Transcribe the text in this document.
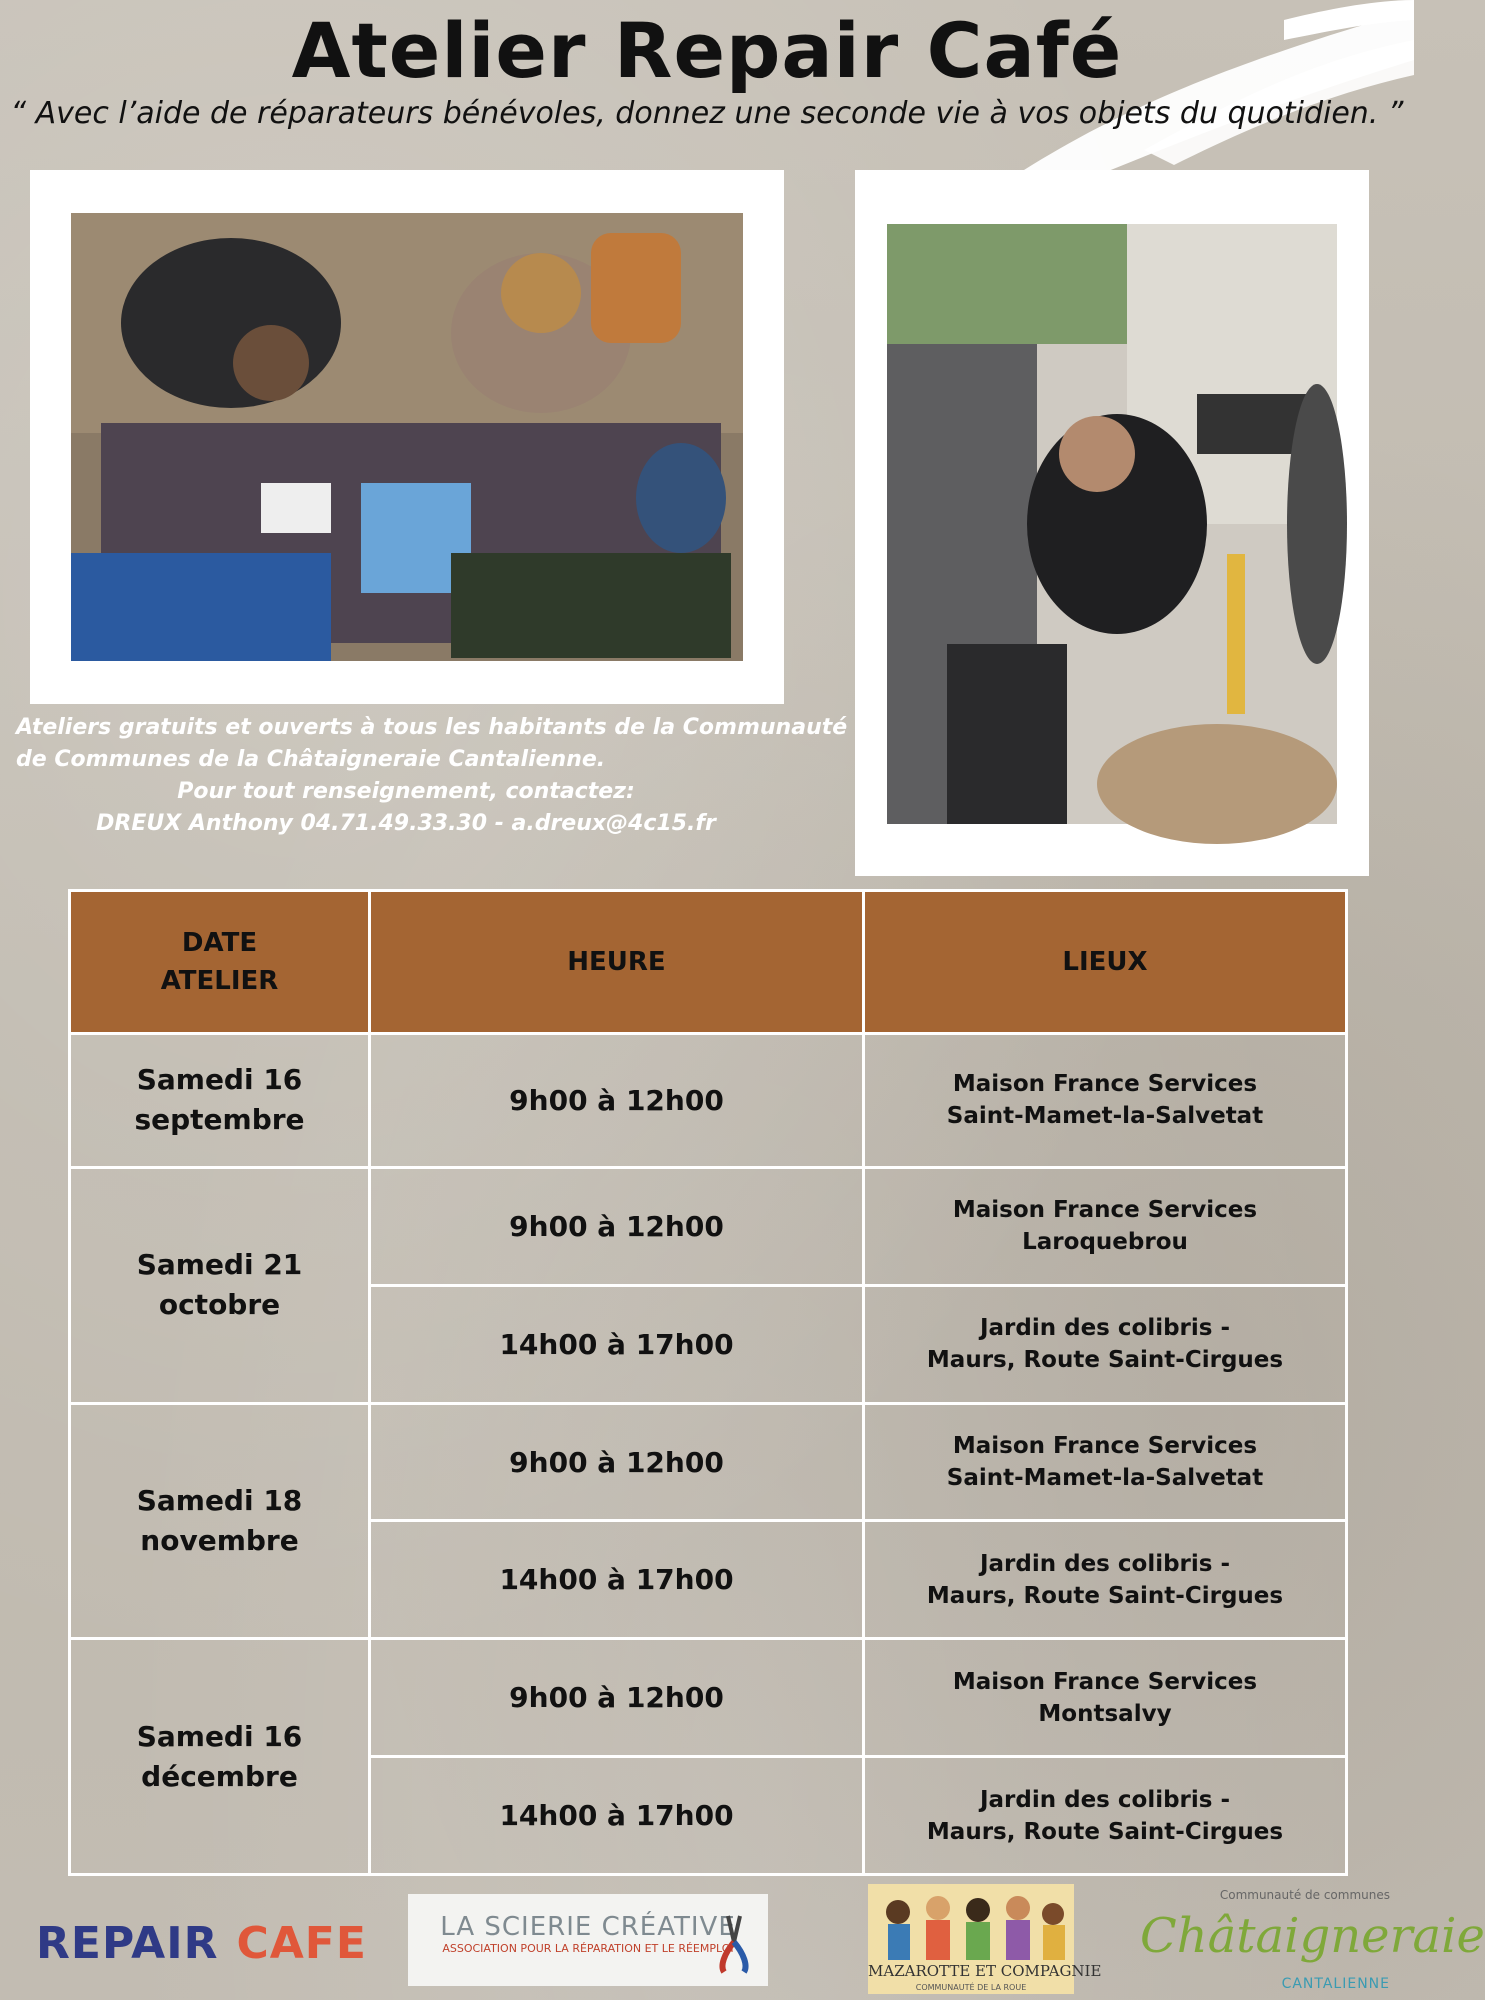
Atelier Repair Café
“ Avec l’aide de réparateurs bénévoles, donnez une seconde vie à vos objets du quotidien. ”
Ateliers gratuits et ouverts à tous les habitants de la Communauté
de Communes de la Châtaigneraie Cantalienne.
Pour tout renseignement, contactez:
DREUX Anthony 04.71.49.33.30 - a.dreux@4c15.fr
DATE
ATELIER	HEURE	LIEUX
Samedi 16
septembre	9h00 à 12h00	Maison France Services
Saint-Mamet-la-Salvetat
Samedi 21
octobre	9h00 à 12h00	Maison France Services
Laroquebrou
	14h00 à 17h00	Jardin des colibris -
Maurs, Route Saint-Cirgues
Samedi 18
novembre	9h00 à 12h00	Maison France Services
Saint-Mamet-la-Salvetat
	14h00 à 17h00	Jardin des colibris -
Maurs, Route Saint-Cirgues
Samedi 16
décembre	9h00 à 12h00	Maison France Services
Montsalvy
	14h00 à 17h00	Jardin des colibris -
Maurs, Route Saint-Cirgues
REPAIR CAFE	LA SCIERIE CRÉATIVE
ASSOCIATION POUR LA RÉPARATION ET LE RÉEMPLOI
MAZAROTTE ET COMPAGNIE
COMMUNAUTÉ DE LA ROUE
Communauté de communes
Châtaigneraie
CANTALIENNE
